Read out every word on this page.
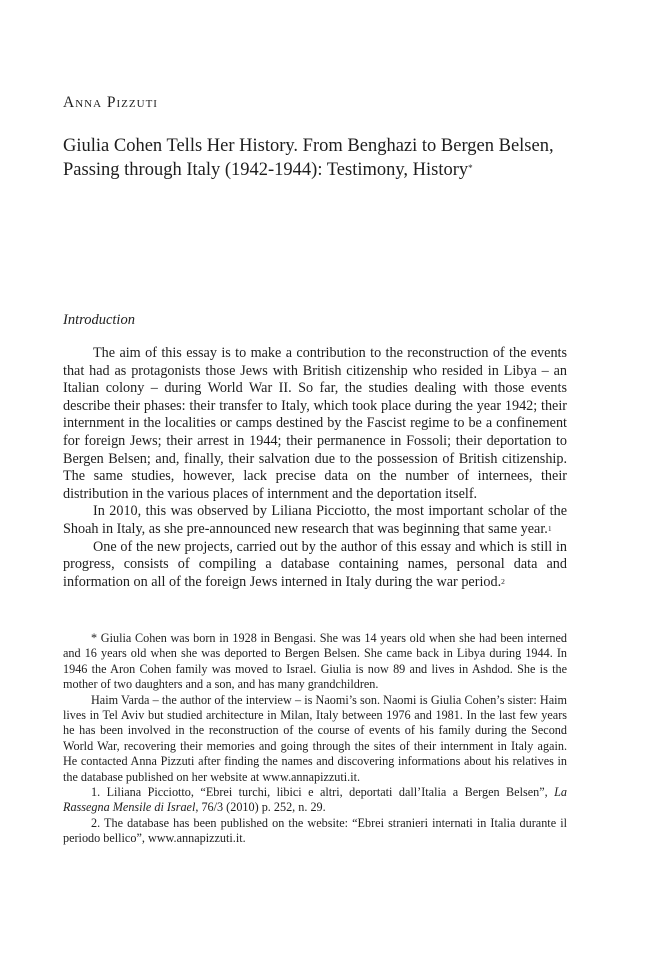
Anna Pizzuti
Giulia Cohen Tells Her History. From Benghazi to Bergen Belsen, Passing through Italy (1942-1944): Testimony, History*
Introduction

The aim of this essay is to make a contribution to the reconstruction of the events that had as protagonists those Jews with British citizenship who resided in Libya – an Italian colony – during World War II. So far, the studies dealing with those events describe their phases: their transfer to Italy, which took place during the year 1942; their internment in the localities or camps destined by the Fascist regime to be a confinement for foreign Jews; their arrest in 1944; their permanence in Fossoli; their deportation to Bergen Belsen; and, finally, their salvation due to the possession of British citizenship. The same studies, however, lack precise data on the number of internees, their distribution in the various places of internment and the deportation itself.

In 2010, this was observed by Liliana Picciotto, the most important scholar of the Shoah in Italy, as she pre-announced new research that was beginning that same year.$^1$

One of the new projects, carried out by the author of this essay and which is still in progress, consists of compiling a database containing names, personal data and information on all of the foreign Jews interned in Italy during the war period.$^2$

* Giulia Cohen was born in 1928 in Bengasi. She was 14 years old when she had been interned and 16 years old when she was deported to Bergen Belsen. She came back in Libya during 1944. In 1946 the Aron Cohen family was moved to Israel. Giulia is now 89 and lives in Ashdod. She is the mother of two daughters and a son, and has many grandchildren.

Haim Varda – the author of the interview – is Naomi’s son. Naomi is Giulia Cohen’s sister: Haim lives in Tel Aviv but studied architecture in Milan, Italy between 1976 and 1981. In the last few years he has been involved in the reconstruction of the course of events of his family during the Second World War, recovering their memories and going through the sites of their internment in Italy again. He contacted Anna Pizzuti after finding the names and discovering informations about his relatives in the database published on her website at www.annapizzuti.it.

1. Liliana Picciotto, “Ebrei turchi, libici e altri, deportati dall’Italia a Bergen Belsen”, La Rassegna Mensile di Israel, 76/3 (2010) p. 252, n. 29.

2. The database has been published on the website: “Ebrei stranieri internati in Italia durante il periodo bellico”, www.annapizzuti.it.
